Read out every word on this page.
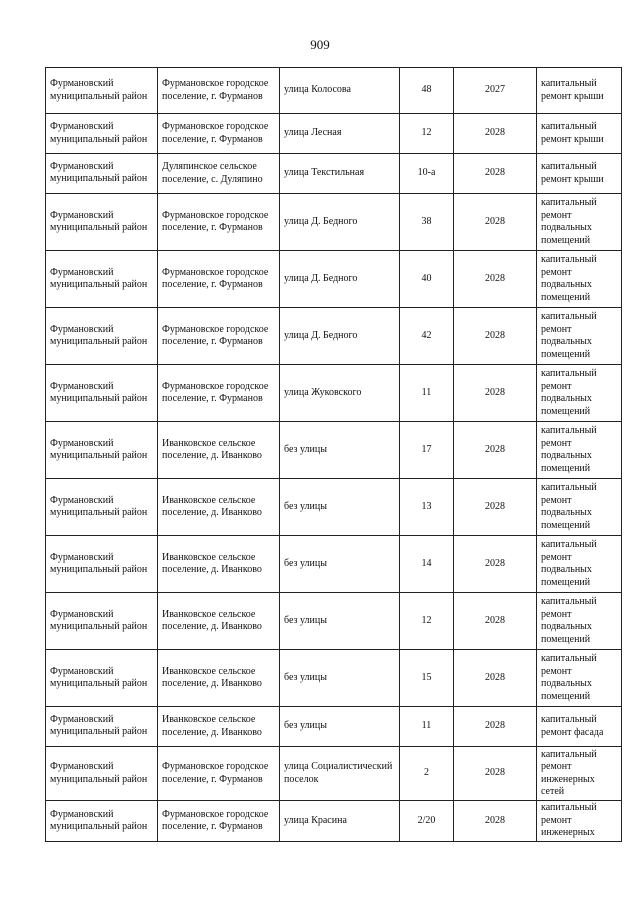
909
Фурмановский муниципальный район	Фурмановское городское поселение, г. Фурманов	улица Колосова	48	2027	капитальный ремонт крыши
Фурмановский муниципальный район	Фурмановское городское поселение, г. Фурманов	улица Лесная	12	2028	капитальный ремонт крыши
Фурмановский муниципальный район	Дуляпинское сельское поселение, с. Дуляпино	улица Текстильная	10-а	2028	капитальный ремонт крыши
Фурмановский муниципальный район	Фурмановское городское поселение, г. Фурманов	улица Д. Бедного	38	2028	капитальный ремонт подвальных помещений
Фурмановский муниципальный район	Фурмановское городское поселение, г. Фурманов	улица Д. Бедного	40	2028	капитальный ремонт подвальных помещений
Фурмановский муниципальный район	Фурмановское городское поселение, г. Фурманов	улица Д. Бедного	42	2028	капитальный ремонт подвальных помещений
Фурмановский муниципальный район	Фурмановское городское поселение, г. Фурманов	улица Жуковского	11	2028	капитальный ремонт подвальных помещений
Фурмановский муниципальный район	Иванковское сельское поселение, д. Иванково	без улицы	17	2028	капитальный ремонт подвальных помещений
Фурмановский муниципальный район	Иванковское сельское поселение, д. Иванково	без улицы	13	2028	капитальный ремонт подвальных помещений
Фурмановский муниципальный район	Иванковское сельское поселение, д. Иванково	без улицы	14	2028	капитальный ремонт подвальных помещений
Фурмановский муниципальный район	Иванковское сельское поселение, д. Иванково	без улицы	12	2028	капитальный ремонт подвальных помещений
Фурмановский муниципальный район	Иванковское сельское поселение, д. Иванково	без улицы	15	2028	капитальный ремонт подвальных помещений
Фурмановский муниципальный район	Иванковское сельское поселение, д. Иванково	без улицы	11	2028	капитальный ремонт фасада
Фурмановский муниципальный район	Фурмановское городское поселение, г. Фурманов	улица Социалистический поселок	2	2028	капитальный ремонт инженерных сетей
Фурмановский муниципальный район	Фурмановское городское поселение, г. Фурманов	улица Красина	2/20	2028	капитальный ремонт инженерных
